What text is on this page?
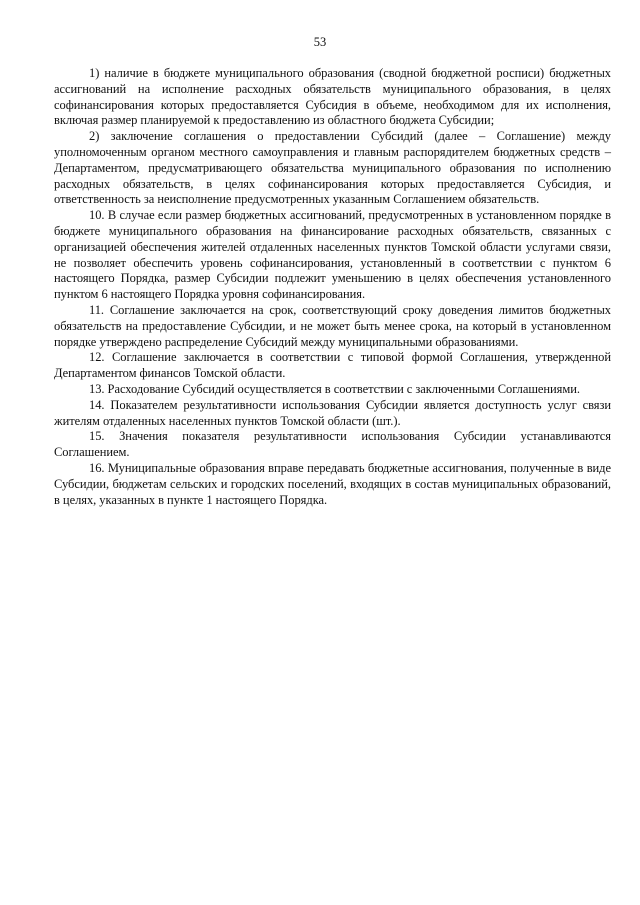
53

1) наличие в бюджете муниципального образования (сводной бюджетной росписи) бюджетных ассигнований на исполнение расходных обязательств муниципального образования, в целях софинансирования которых предоставляется Субсидия в объеме, необходимом для их исполнения, включая размер планируемой к предоставлению из областного бюджета Субсидии;

2) заключение соглашения о предоставлении Субсидий (далее – Соглашение) между уполномоченным органом местного самоуправления и главным распорядителем бюджетных средств – Департаментом, предусматривающего обязательства муниципального образования по исполнению расходных обязательств, в целях софинансирования которых предоставляется Субсидия, и ответственность за неисполнение предусмотренных указанным Соглашением обязательств.

10. В случае если размер бюджетных ассигнований, предусмотренных в установленном порядке в бюджете муниципального образования на финансирование расходных обязательств, связанных с организацией обеспечения жителей отдаленных населенных пунктов Томской области услугами связи, не позволяет обеспечить уровень софинансирования, установленный в соответствии с пунктом 6 настоящего Порядка, размер Субсидии подлежит уменьшению в целях обеспечения установленного пунктом 6 настоящего Порядка уровня софинансирования.

11. Соглашение заключается на срок, соответствующий сроку доведения лимитов бюджетных обязательств на предоставление Субсидии, и не может быть менее срока, на который в установленном порядке утверждено распределение Субсидий между муниципальными образованиями.

12. Соглашение заключается в соответствии с типовой формой Соглашения, утвержденной Департаментом финансов Томской области.

13. Расходование Субсидий осуществляется в соответствии с заключенными Соглашениями.

14. Показателем результативности использования Субсидии является доступность услуг связи жителям отдаленных населенных пунктов Томской области (шт.).

15. Значения показателя результативности использования Субсидии устанавливаются Соглашением.

16. Муниципальные образования вправе передавать бюджетные ассигнования, полученные в виде Субсидии, бюджетам сельских и городских поселений, входящих в состав муниципальных образований, в целях, указанных в пункте 1 настоящего Порядка.
